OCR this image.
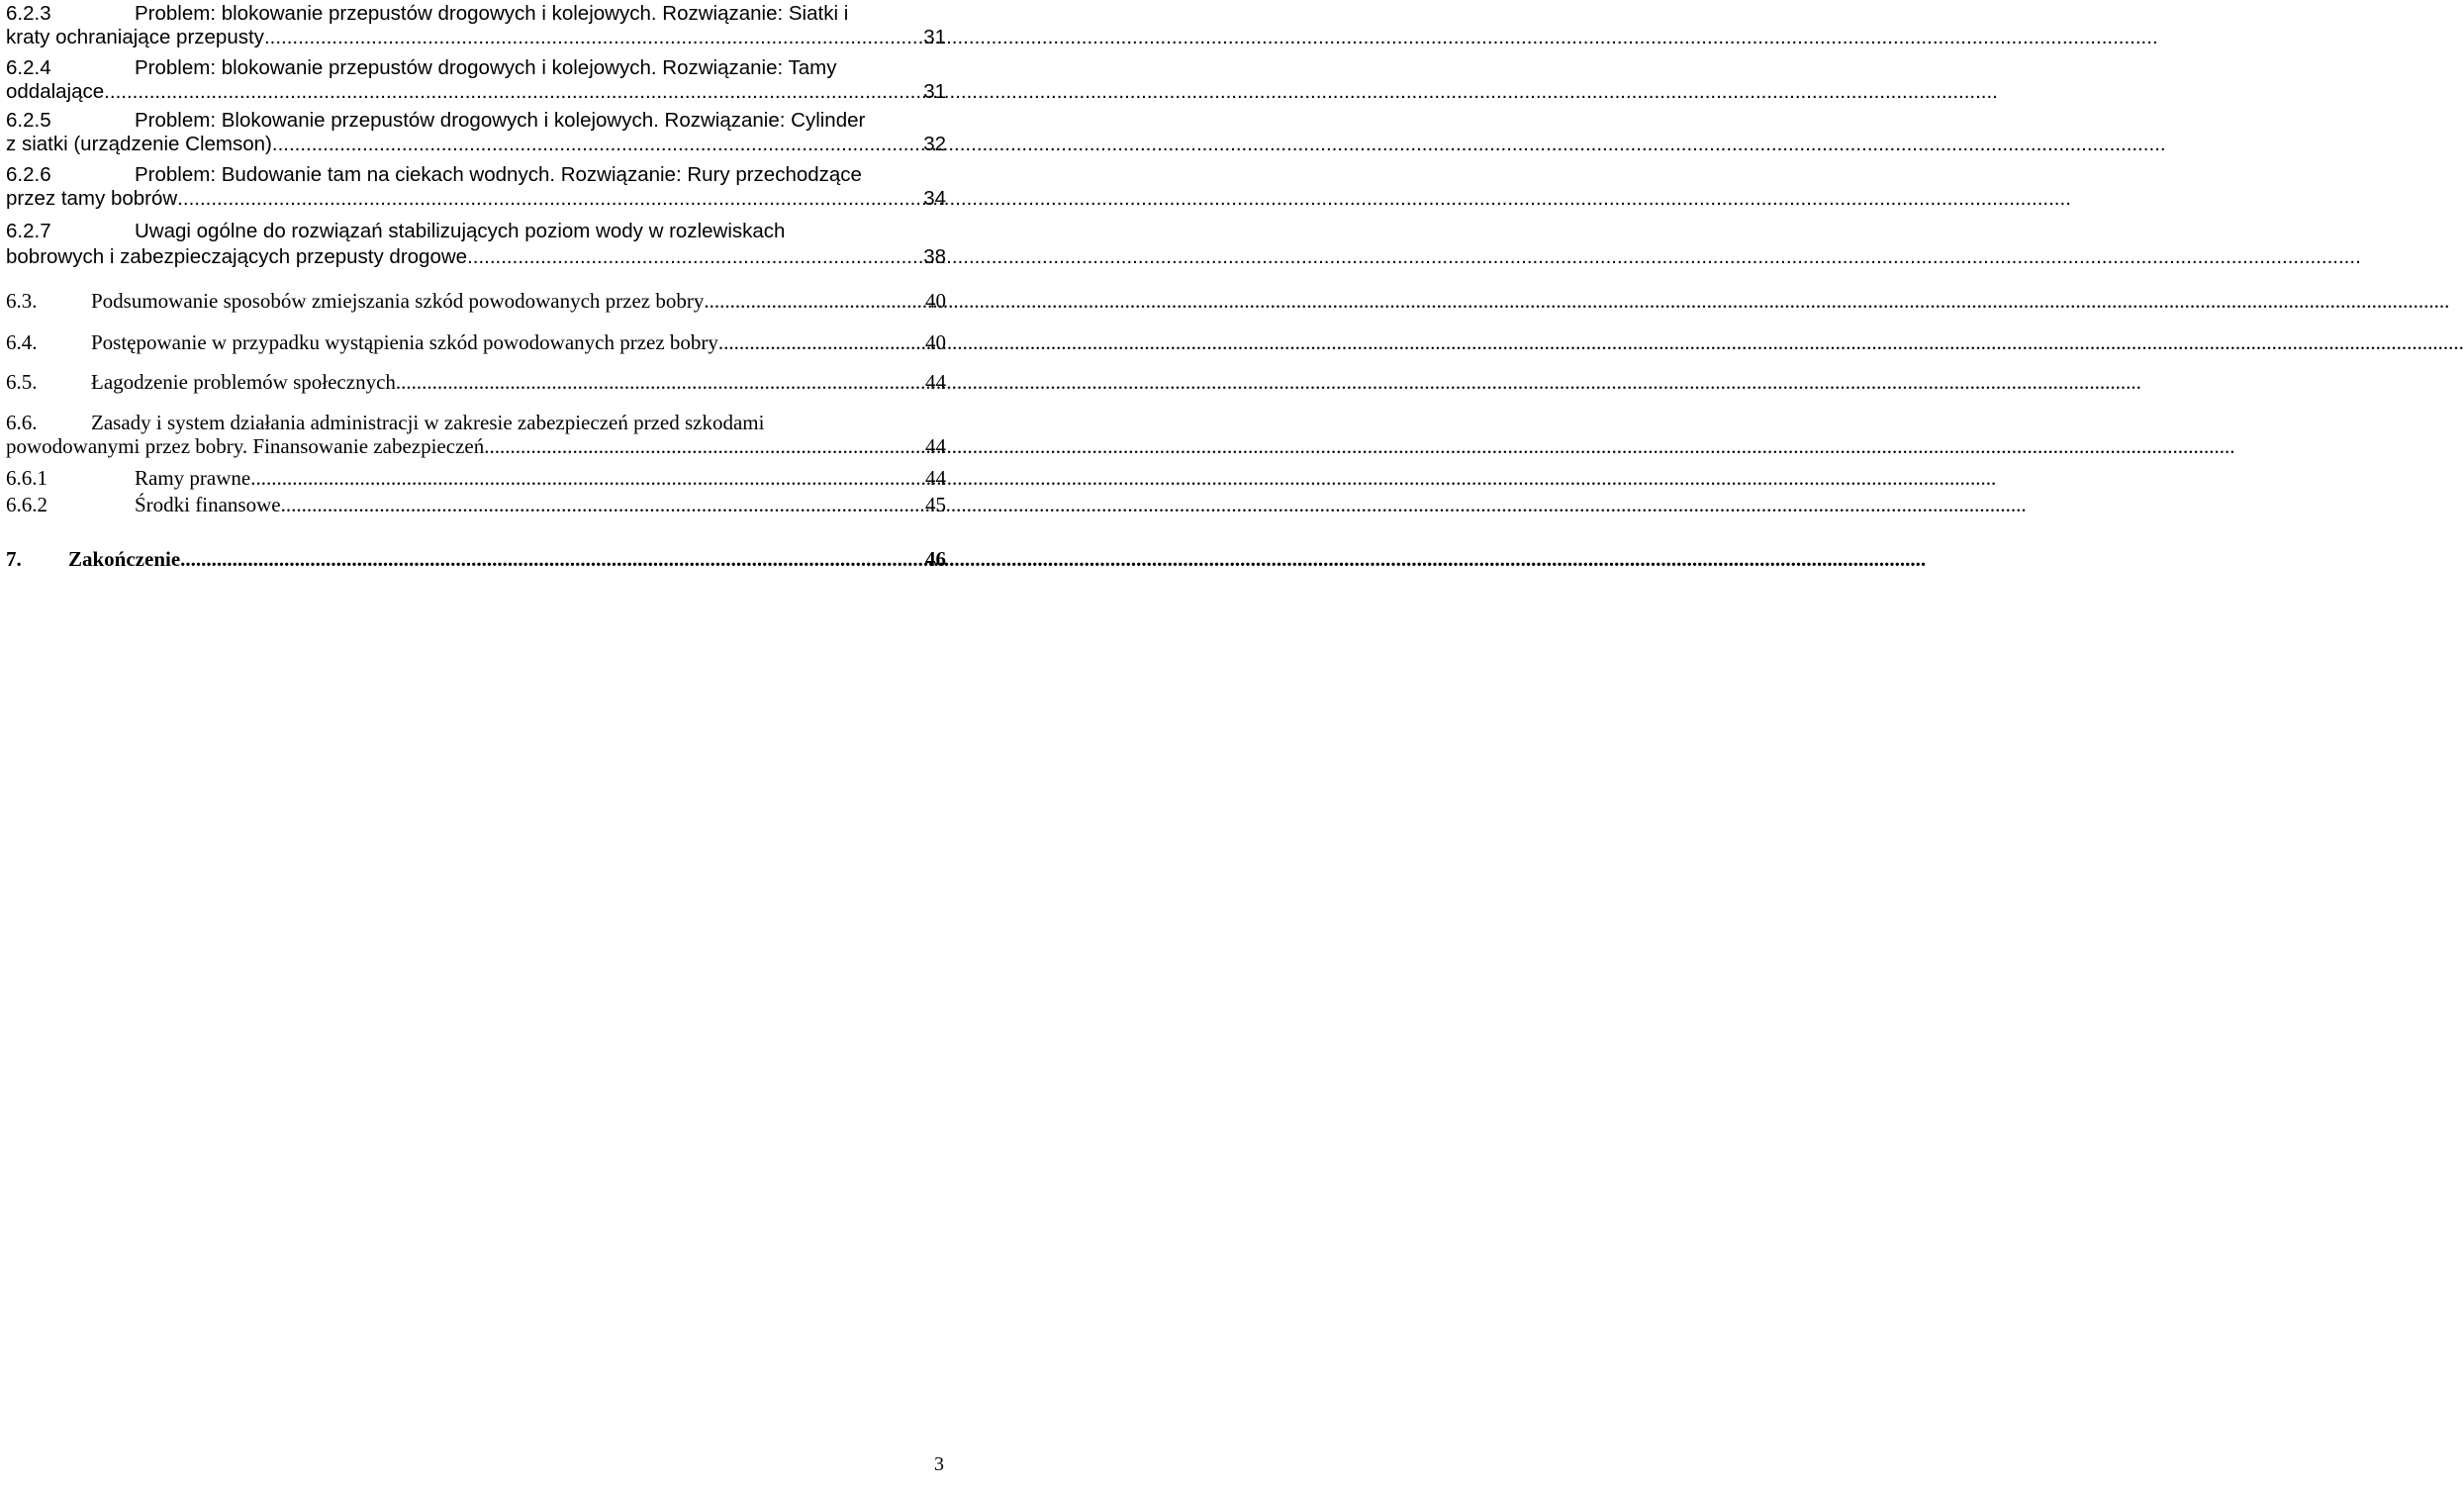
6.2.3	Problem: blokowanie przepustów drogowych i kolejowych. Rozwiązanie: Siatki i
kraty ochraniające przepusty .....	31
6.2.4	Problem: blokowanie przepustów drogowych i kolejowych. Rozwiązanie: Tamy
oddalające .....	31
6.2.5	Problem: Blokowanie przepustów drogowych i kolejowych. Rozwiązanie: Cylinder
z siatki (urządzenie Clemson) .....	32
6.2.6	Problem: Budowanie tam na ciekach wodnych. Rozwiązanie: Rury przechodzące
przez tamy bobrów .....	34
6.2.7	Uwagi ogólne do rozwiązań stabilizujących poziom wody w rozlewiskach
bobrowych i zabezpieczających przepusty drogowe .....	38
6.3.	Podsumowanie sposobów zmiejszania szkód powodowanych przez bobry .....	40
6.4.	Postępowanie w przypadku wystąpienia szkód powodowanych przez bobry .....	40
6.5.	Łagodzenie problemów społecznych .....	44
6.6.	Zasady i system działania administracji w zakresie zabezpieczeń przed szkodami
powodowanymi przez bobry. Finansowanie zabezpieczeń. .....	44
6.6.1	Ramy prawne .....	44
6.6.2	Środki finansowe .....	45
7.	Zakończenie .....	46
3
